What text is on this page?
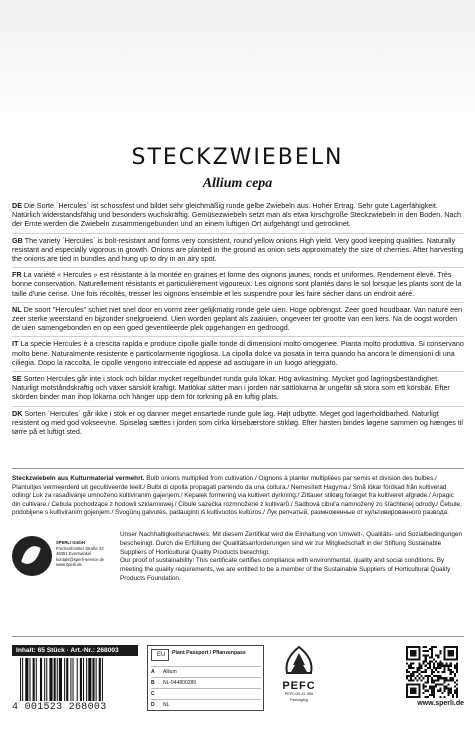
STECKZWIEBELN
Allium cepa

DE Die Sorte ´Hercules´ ist schossfest und bildet sehr gleichmäßig runde gelbe Zwiebeln aus. Hoher Ertrag. Sehr gute Lagerfähigkeit. Natürlich widerstandsfähig und besonders wuchskräftig. Gemüsezwiebeln setzt man als etwa kirschgroße Steckzwiebeln in den Boden. Nach der Ernte werden die Zwiebeln zusammengebunden und an einem luftigen Ort aufgehängt und getrocknet.

GB The variety ´Hercules´ is bolt-resistant and forms very consistent, round yellow onions High yield. Very good keeping qualities. Naturally resistant and especially vigorous in growth. Onions are planted in the ground as onion sets approximately the size of cherries. After harvesting the onions are tied in bundles and hung up to dry in an airy spot.

FR La variété « Hercules » est résistante à la montée en graines et forme des oignons jaunes, ronds et uniformes. Rendement élevé. Très bonne conservation. Naturellement résistants et particulièrement vigoureux. Les oignons sont plantés dans le sol lorsque les plants sont de la taille d'une cerise. Une fois récoltés, tresser les oignons ensemble et les suspendre pour les faire sécher dans un endroit aéré.

NL De soort "Hercules" schiet niet snel door en vormt zeer gelijkmatig ronde gele uien. Hoge opbrengst. Zeer goed houdbaar. Van nature een zeer sterke weerstand en bijzonder snelgroeiend. Uien worden geplant als zaaiuien, ongeveer ter grootte van een kers. Na de oogst worden de uien samengebonden en op een goed geventileerde plek opgehangen en gedroogd.

IT La specie Hercules è a crescita rapida e produce cipolle gialle tonde di dimensioni molto omogenee. Pianta molto produttiva. Si conservano molto bene. Naturalmente resistente e particolarmente rigogliosa. La cipolla dolce va posata in terra quando ha ancora le dimensioni di una ciliegia. Dopo la raccolta, le cipolle vengono intrecciate ed appese ad asciugare in un luogo arieggiato.

SE Sorten Hercules går inte i stock och bildar mycket regelbundet runda gula lökar. Hög avkastning. Mycket god lagringsbeständighet. Naturligt motståndskraftig och växer särskilt kraftigt. Matlökar sätter man i jorden när sättlökarna är ungefär så stora som ett körsbär. Efter skörden binder man ihop lökarna och hänger upp dem för torkning på en luftig plats.

DK Sorten ´Hercules´ går ikke i stok er og danner meget ensartede runde gule løg. Højt udbytte. Meget god lagerholdbarhed. Naturligt resistent og med god vokseevne. Spiseløg sættes i jorden som cirka kirsebærstore stikløg. Efter høsten bindes løgene sammen og hænges til tørre på et luftigt sted.

Steckzwiebeln aus Kulturmaterial vermehrt. Bulb onions multiplied from cultivation./ Oignons à planter multipliées par semis et division des bulbes./ Plantuitjes vermeerderd uit gecultiveerde teelt./ Bulbi di cipolla propagati partendo da una coltura./ Nemesített Hagyma./ Små lökar förökad från kultiverad odling/ Luk za rasađivanje umnoženo kultiviranim gajenjem./ Kepalek formering via kultivert dyrkning./ Zittauer stikløg foræget fra kultiveret afgrøde./ Arpagic din cultivare./ Cebula pochodzące z hodowli szklarniowej./ Cibule sazečka rozmnožené z kultivarů./ Sadbová cibul'a namnožený zo šľachtenej odrody./ Čebule, pridobljene s kultiviranim gojenjem./ Svogūnų galvutės, padauginti iš kultivuotos kultūros./ Лук репчатый, размноженные от культивированного развода.
SPERLI GmbH
Freckenhorster Straße 32
48351 Everswinkel
kontakt@sperli-service.de
www.sperli.de
Unser Nachhaltigkeitsnachweis: Mit diesem Zertifikat wird die Einhaltung von Umwelt-, Qualitäts- und Sozialbedingungen bescheinigt. Durch die Erfüllung der Qualitätsanforderungen sind wir zur Mitgliedschaft in der Stiftung Sustainable Suppliers of Horticultural Quality Products berechtigt.
Our proof of sustainability: This certificate certifies compliance with environmental, quality and social conditions. By meeting the quality requirements, we are entitled to be a member of the Sustainable Suppliers of Horticultural Quality Products Foundation.
Inhalt: 65 Stück · Art.-Nr.: 268003
4 001523 268003
EU Plant Passport / Pflanzenpass
A	Allium
B	NL-944800289
C
D	NL
PEFC
PEFC/30-31-596
Packaging	www.sperli.de
